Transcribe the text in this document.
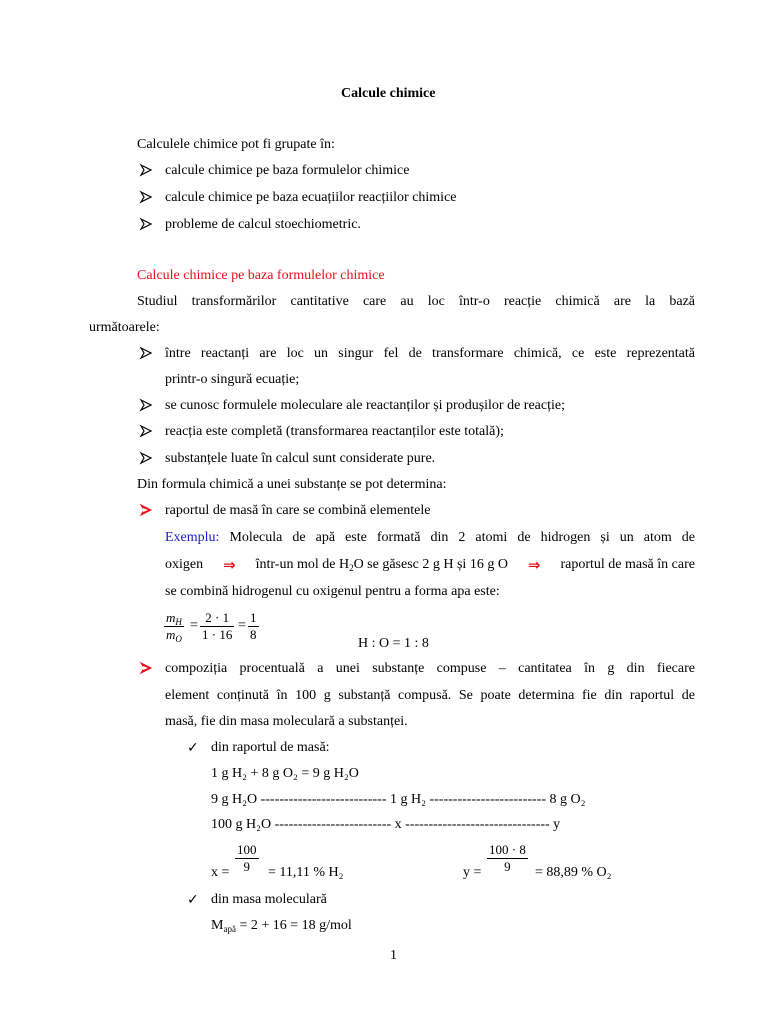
Calcule chimice
Calculele chimice pot fi grupate în:
calcule chimice pe baza formulelor chimice
calcule chimice pe baza ecuațiilor reacțiilor chimice
probleme de calcul stoechiometric.
Calcule chimice pe baza formulelor chimice
Studiul transformărilor cantitative care au loc într-o reacție chimică are la bază
următoarele:
între reactanți are loc un singur fel de transformare chimică, ce este reprezentată
printr-o singură ecuație;
se cunosc formulele moleculare ale reactanților și produșilor de reacție;
reacția este completă (transformarea reactanților este totală);
substanțele luate în calcul sunt considerate pure.
Din formula chimică a unei substanțe se pot determina:
raportul de masă în care se combină elementele
Exemplu: Molecula de apă este formată din 2 atomi de hidrogen și un atom de
oxigen ⇒ într-un mol de $H_2O$ se găsesc 2 g H și 16 g O ⇒ raportul de masă în care
se combină hidrogenul cu oxigenul pentru a forma apa este:
$\frac{m_H}{m_O} = \frac{2 \cdot 1}{1 \cdot 16} = \frac{1}{8}$
H : O = 1 : 8
compoziția procentuală a unei substanțe compuse – cantitatea în g din fiecare
element conținută în 100 g substanță compusă. Se poate determina fie din raportul de
masă, fie din masa moleculară a substanței.
✓ din raportul de masă:
1 g H₂ + 8 g O₂ = 9 g H₂O
9 g H₂O --------------------------- 1 g H₂ ------------------------- 8 g O₂
100 g H₂O ------------------------- x ------------------------------- y
$x = \frac{100}{9} = 11,11$ % H₂	$y = \frac{100 \cdot 8}{9} = 88,89$ % O₂
✓ din masa moleculară
$M_{apă} = 2 + 16 = 18$ g/mol
1
